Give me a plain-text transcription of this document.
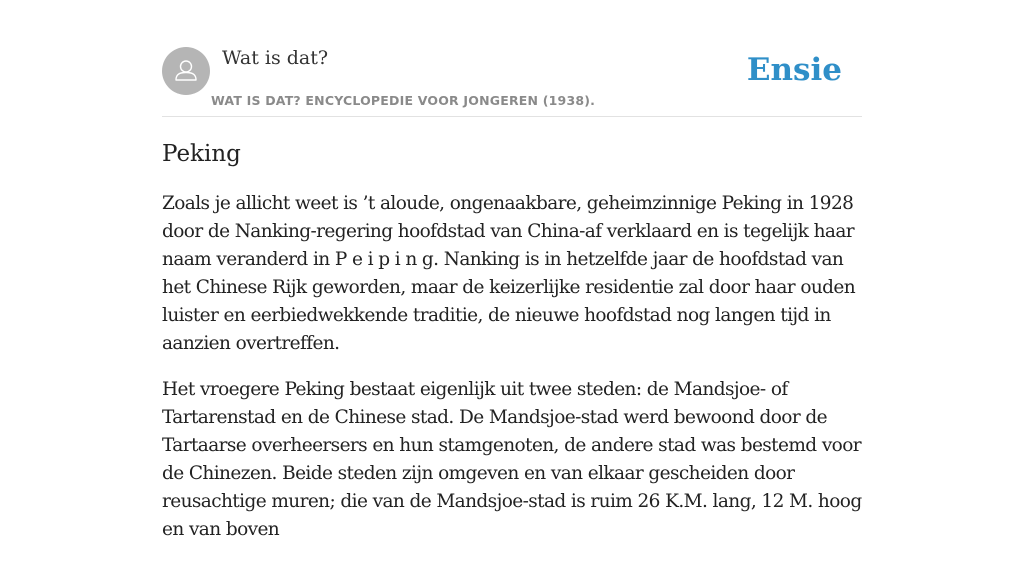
Wat is dat?
WAT IS DAT? ENCYCLOPEDIE VOOR JONGEREN (1938).
Ensie
Peking

Zoals je allicht weet is ’t aloude, ongenaakbare, geheimzinnige Peking in 1928 door de Nanking-regering hoofdstad van China-af verklaard en is tegelijk haar naam veranderd in P e i p i n g. Nanking is in hetzelfde jaar de hoofdstad van het Chinese Rijk geworden, maar de keizerlijke residentie zal door haar ouden luister en eerbiedwekkende traditie, de nieuwe hoofdstad nog langen tijd in aanzien overtreffen.

Het vroegere Peking bestaat eigenlijk uit twee steden: de Mandsjoe- of Tartarenstad en de Chinese stad. De Mandsjoe-stad werd bewoond door de Tartaarse overheersers en hun stamgenoten, de andere stad was bestemd voor de Chinezen. Beide steden zijn omgeven en van elkaar gescheiden door reusachtige muren; die van de Mandsjoe-stad is ruim 26 K.M. lang, 12 M. hoog en van boven
